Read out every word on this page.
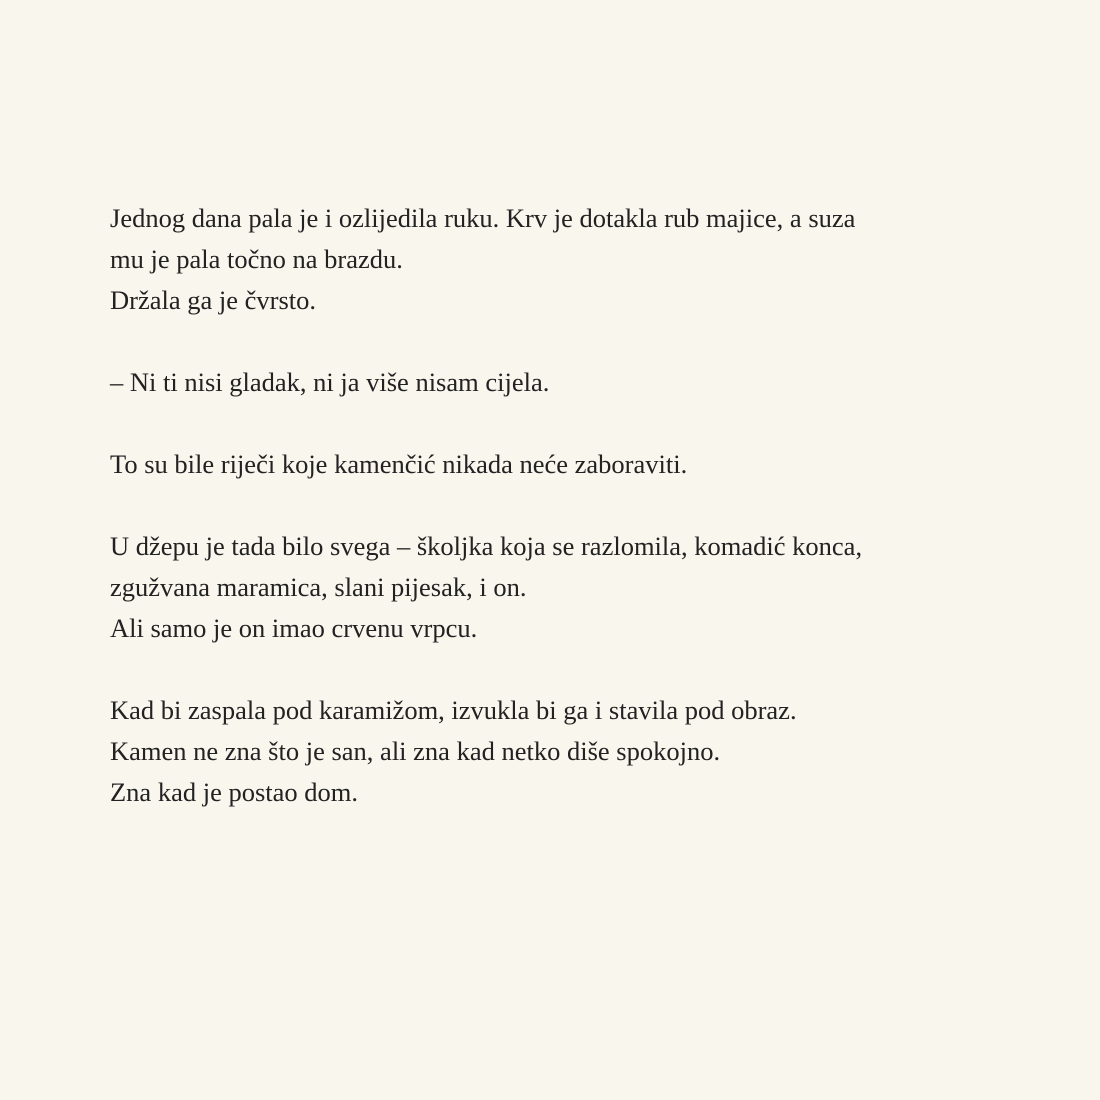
Jednog dana pala je i ozlijedila ruku. Krv je dotakla rub majice, a suza
mu je pala točno na brazdu.
Držala ga je čvrsto.

– Ni ti nisi gladak, ni ja više nisam cijela.

To su bile riječi koje kamenčić nikada neće zaboraviti.

U džepu je tada bilo svega – školjka koja se razlomila, komadić konca,
zgužvana maramica, slani pijesak, i on.
Ali samo je on imao crvenu vrpcu.

Kad bi zaspala pod karamižom, izvukla bi ga i stavila pod obraz.
Kamen ne zna što je san, ali zna kad netko diše spokojno.
Zna kad je postao dom.
